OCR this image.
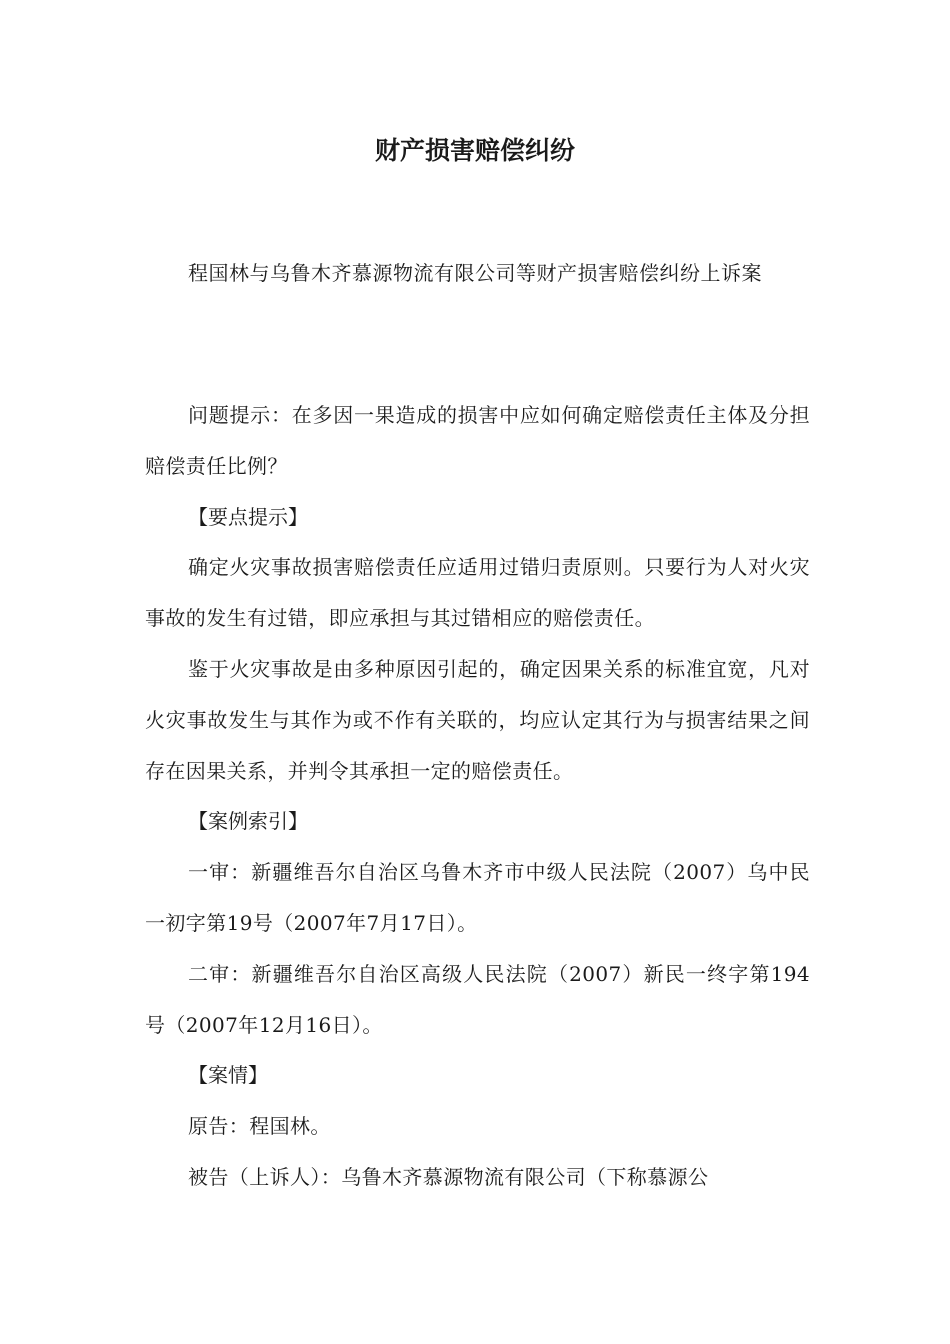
财产损害赔偿纠纷
程国林与乌鲁木齐慕源物流有限公司等财产损害赔偿纠纷上诉案

问题提示：在多因一果造成的损害中应如何确定赔偿责任主体及分担赔偿责任比例？

【要点提示】

确定火灾事故损害赔偿责任应适用过错归责原则。只要行为人对火灾事故的发生有过错，即应承担与其过错相应的赔偿责任。

鉴于火灾事故是由多种原因引起的，确定因果关系的标准宜宽，凡对火灾事故发生与其作为或不作有关联的，均应认定其行为与损害结果之间存在因果关系，并判令其承担一定的赔偿责任。

【案例索引】

一审：新疆维吾尔自治区乌鲁木齐市中级人民法院（2007）乌中民一初字第19号（2007年7月17日）。

二审：新疆维吾尔自治区高级人民法院（2007）新民一终字第194号（2007年12月16日）。

【案情】

原告：程国林。

被告（上诉人）：乌鲁木齐慕源物流有限公司（下称慕源公
